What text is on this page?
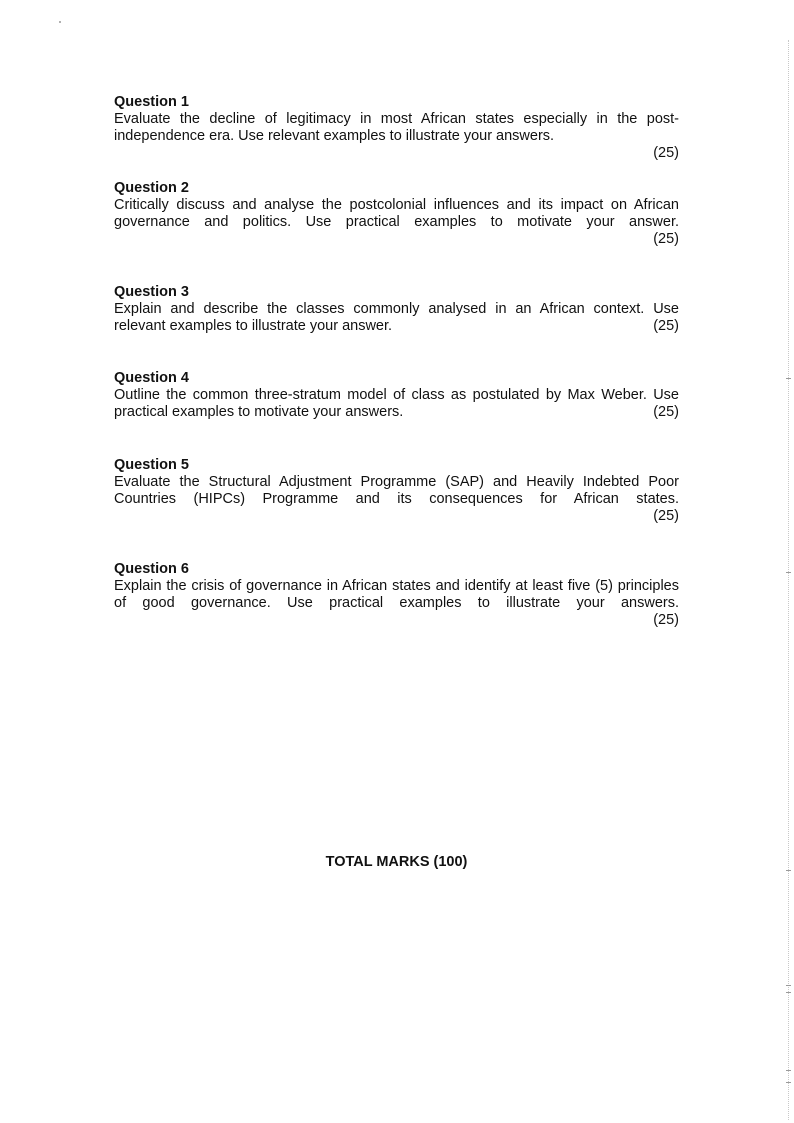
Question 1
Evaluate the decline of legitimacy in most African states especially in the post-
independence era. Use relevant examples to illustrate your answers.
(25)
Question 2
Critically discuss and analyse the postcolonial influences and its impact on African
governance and politics. Use practical examples to motivate your answer.
(25)
Question 3
Explain and describe the classes commonly analysed in an African context. Use
(25)
relevant examples to illustrate your answer.
Question 4
Outline the common three-stratum model of class as postulated by Max Weber. Use
(25)
practical examples to motivate your answers.
Question 5
Evaluate the Structural Adjustment Programme (SAP) and Heavily Indebted Poor
Countries (HIPCs) Programme and its consequences for African states.
(25)
Question 6
Explain the crisis of governance in African states and identify at least five (5) principles
of good governance. Use practical examples to illustrate your answers.
(25)
TOTAL MARKS (100)
